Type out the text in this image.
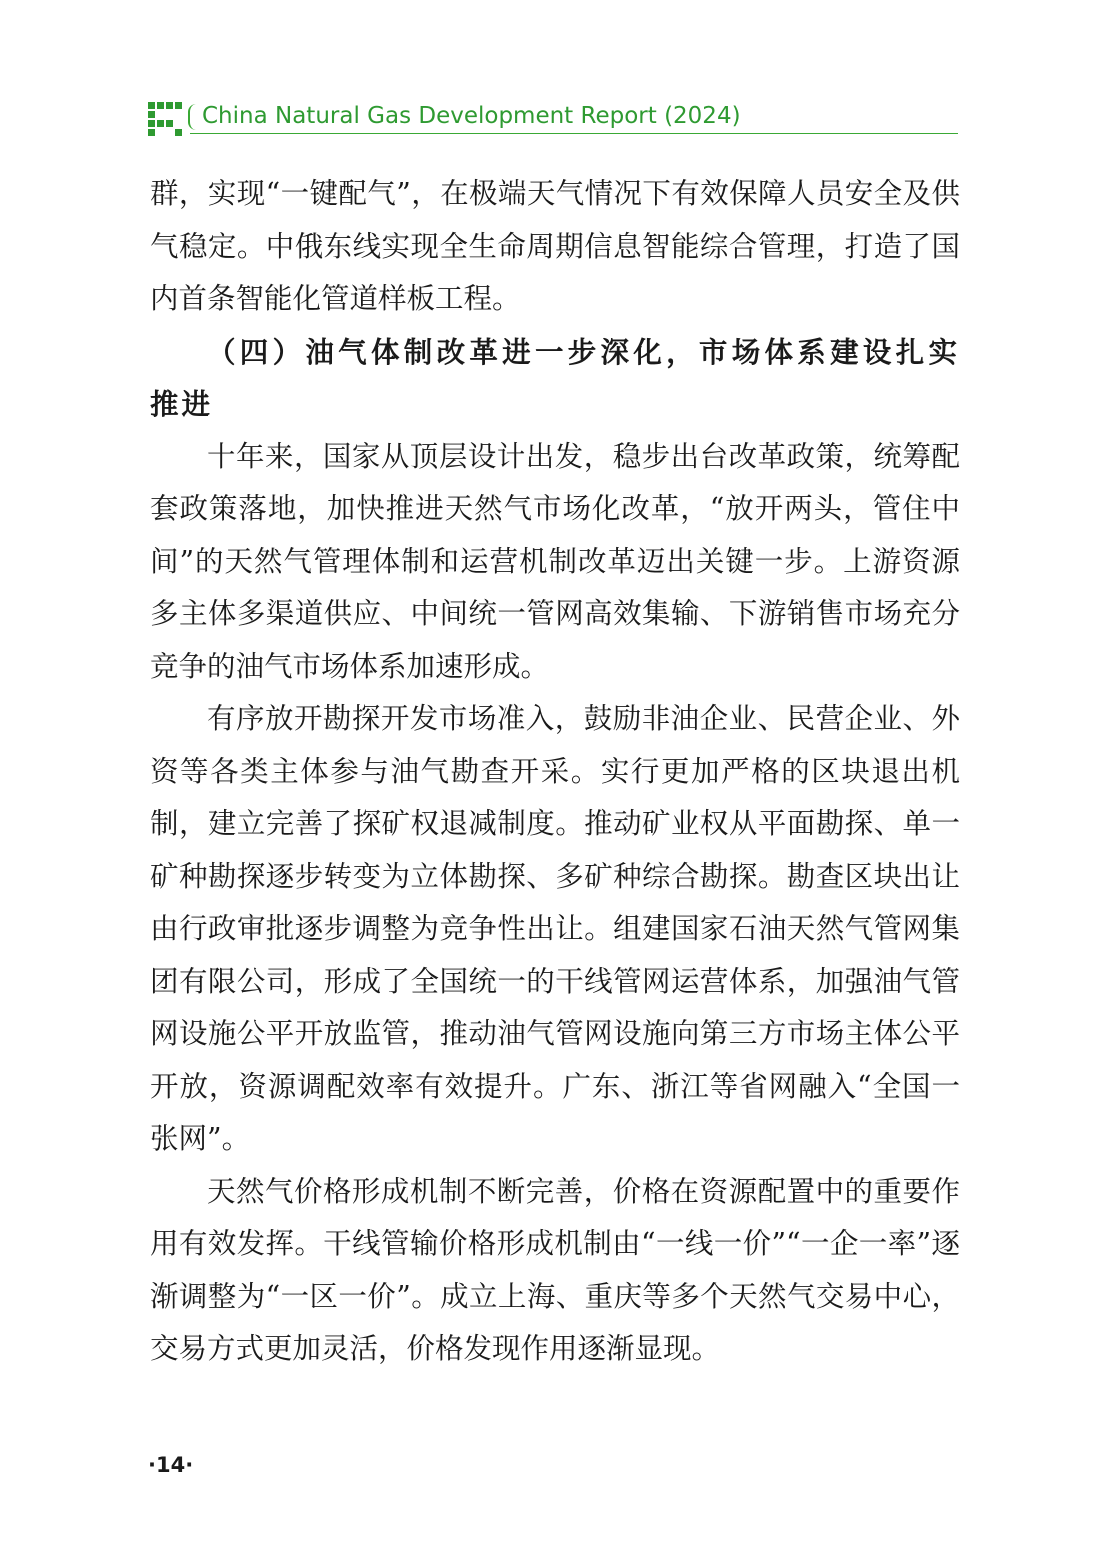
China Natural Gas Development Report (2024)

群，实现“一键配气”，在极端天气情况下有效保障人员安全及供气稳定。中俄东线实现全生命周期信息智能综合管理，打造了国内首条智能化管道样板工程。

（四）油气体制改革进一步深化，市场体系建设扎实推进

十年来，国家从顶层设计出发，稳步出台改革政策，统筹配套政策落地，加快推进天然气市场化改革，“放开两头，管住中间”的天然气管理体制和运营机制改革迈出关键一步。上游资源多主体多渠道供应、中间统一管网高效集输、下游销售市场充分竞争的油气市场体系加速形成。

有序放开勘探开发市场准入，鼓励非油企业、民营企业、外资等各类主体参与油气勘查开采。实行更加严格的区块退出机制，建立完善了探矿权退减制度。推动矿业权从平面勘探、单一矿种勘探逐步转变为立体勘探、多矿种综合勘探。勘查区块出让由行政审批逐步调整为竞争性出让。组建国家石油天然气管网集团有限公司，形成了全国统一的干线管网运营体系，加强油气管网设施公平开放监管，推动油气管网设施向第三方市场主体公平开放，资源调配效率有效提升。广东、浙江等省网融入“全国一张网”。

天然气价格形成机制不断完善，价格在资源配置中的重要作用有效发挥。干线管输价格形成机制由“一线一价”“一企一率”逐渐调整为“一区一价”。成立上海、重庆等多个天然气交易中心，交易方式更加灵活，价格发现作用逐渐显现。

·14·
